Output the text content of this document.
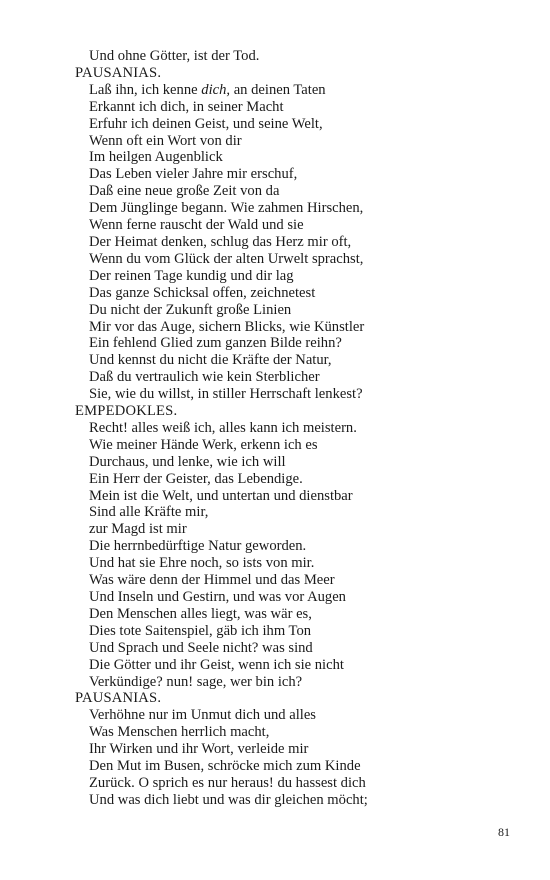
Und ohne Götter, ist der Tod.
PAUSANIAS.
Laß ihn, ich kenne dich, an deinen Taten
Erkannt ich dich, in seiner Macht
Erfuhr ich deinen Geist, und seine Welt,
Wenn oft ein Wort von dir
Im heilgen Augenblick
Das Leben vieler Jahre mir erschuf,
Daß eine neue große Zeit von da
Dem Jünglinge begann. Wie zahmen Hirschen,
Wenn ferne rauscht der Wald und sie
Der Heimat denken, schlug das Herz mir oft,
Wenn du vom Glück der alten Urwelt sprachst,
Der reinen Tage kundig und dir lag
Das ganze Schicksal offen, zeichnetest
Du nicht der Zukunft große Linien
Mir vor das Auge, sichern Blicks, wie Künstler
Ein fehlend Glied zum ganzen Bilde reihn?
Und kennst du nicht die Kräfte der Natur,
Daß du vertraulich wie kein Sterblicher
Sie, wie du willst, in stiller Herrschaft lenkest?
EMPEDOKLES.
Recht! alles weiß ich, alles kann ich meistern.
Wie meiner Hände Werk, erkenn ich es
Durchaus, und lenke, wie ich will
Ein Herr der Geister, das Lebendige.
Mein ist die Welt, und untertan und dienstbar
Sind alle Kräfte mir,
zur Magd ist mir
Die herrnbedürftige Natur geworden.
Und hat sie Ehre noch, so ists von mir.
Was wäre denn der Himmel und das Meer
Und Inseln und Gestirn, und was vor Augen
Den Menschen alles liegt, was wär es,
Dies tote Saitenspiel, gäb ich ihm Ton
Und Sprach und Seele nicht? was sind
Die Götter und ihr Geist, wenn ich sie nicht
Verkündige? nun! sage, wer bin ich?
PAUSANIAS.
Verhöhne nur im Unmut dich und alles
Was Menschen herrlich macht,
Ihr Wirken und ihr Wort, verleide mir
Den Mut im Busen, schröcke mich zum Kinde
Zurück. O sprich es nur heraus! du hassest dich
Und was dich liebt und was dir gleichen möcht;
81
